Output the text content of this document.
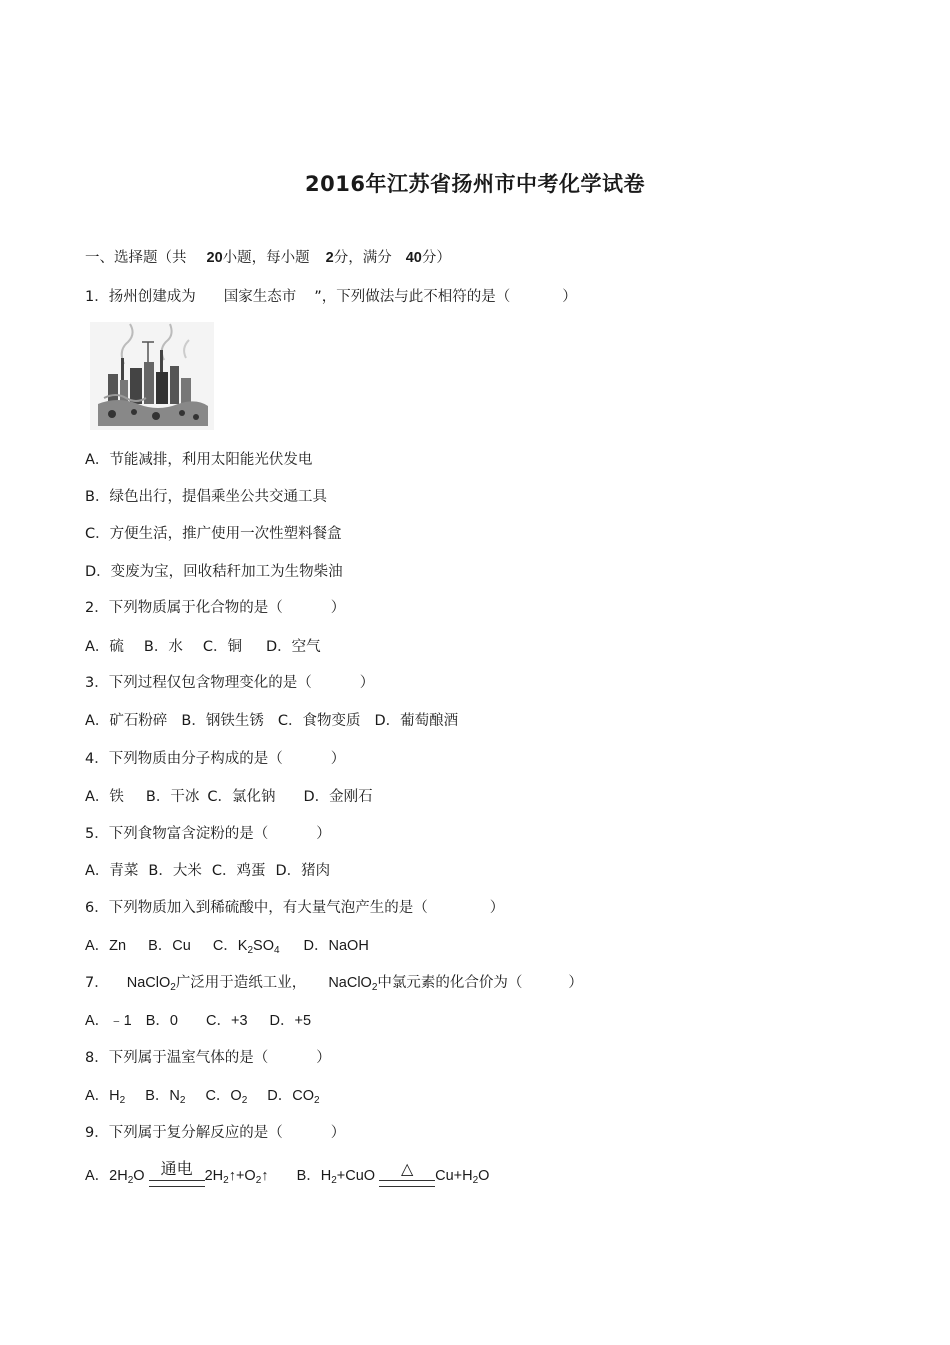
2016年江苏省扬州市中考化学试卷
一、选择题（共 20小题，每小题 2分，满分 40分）
1．扬州创建成为 国家生态市 ”，下列做法与此不相符的是（	）
A．节能减排，利用太阳能光伏发电
B．绿色出行，提倡乘坐公共交通工具
C．方便生活，推广使用一次性塑料餐盒
D．变废为宝，回收秸秆加工为生物柴油
2．下列物质属于化合物的是（	）
A．硫 B．水 C．铜 D．空气
3．下列过程仅包含物理变化的是（	）
A．矿石粉碎 B．钢铁生锈 C．食物变质 D．葡萄酿酒
4．下列物质由分子构成的是（	）
A．铁 B．干冰 C．氯化钠 D．金刚石
5．下列食物富含淀粉的是（	）
A．青菜 B．大米 C．鸡蛋 D．猪肉
6．下列物质加入到稀硫酸中，有大量气泡产生的是（	）
A．Zn B．Cu C．$K_2SO_4$ D．NaOH
7． NaClO$_2$广泛用于造纸工业， NaClO$_2$中氯元素的化合价为（	）
A．﹣1 B．0 C．+3 D．+5
8．下列属于温室气体的是（	）
A．$H_2$ B．$N_2$ C．$O_2$ D．$CO_2$
9．下列属于复分解反应的是（	）
A．$2H_2O$	通电 $2H_2↑+O_2↑$ B．$H_2+CuO$	△	$Cu+H_2O$
